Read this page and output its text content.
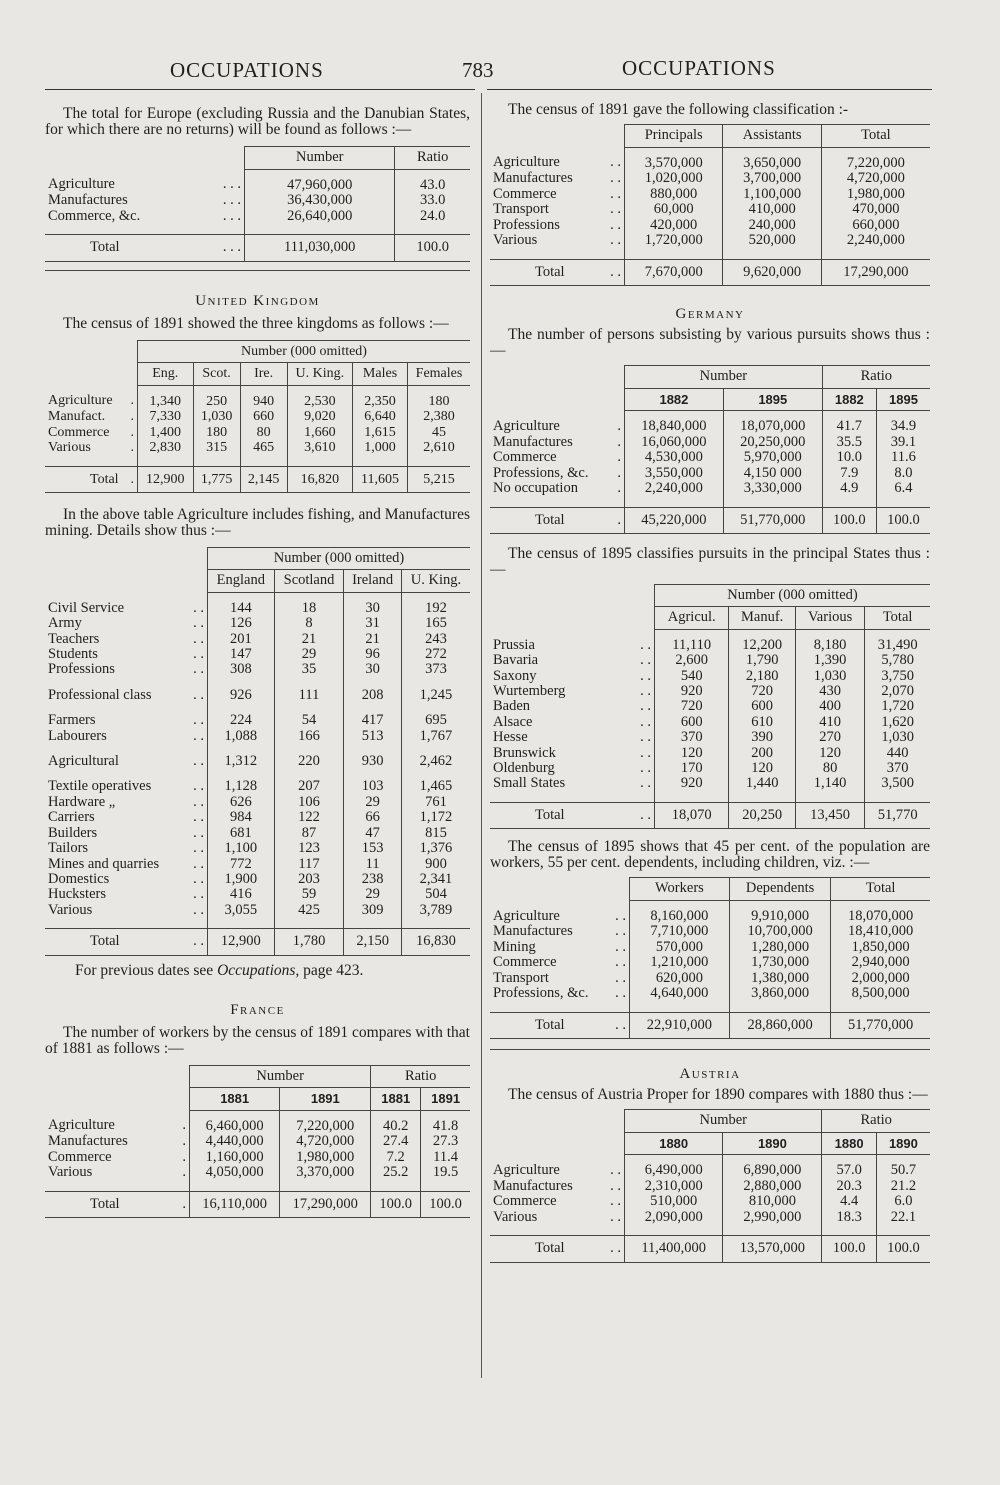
OCCUPATIONS	783	OCCUPATIONS

The total for Europe (excluding Russia and the Danubian States, for which there are no returns) will be found as follows :—

	Number	Ratio
Agriculture . . .	47,960,000	43.0
Manufactures . . .	36,430,000	33.0
Commerce, &c. . . .	26,640,000	24.0

Total . . .	111,030,000	100.0
United Kingdom

The census of 1891 showed the three kingdoms as follows :—

	Number (000 omitted)					
	Eng.	Scot.	Ire.	U. King.	Males	Females
Agriculture .	1,340	250	940	2,530	2,350	180
Manufact. .	7,330	1,030	660	9,020	6,640	2,380
Commerce .	1,400	180	80	1,660	1,615	45
Various .	2,830	315	465	3,610	1,000	2,610

Total .	12,900	1,775	2,145	16,820	11,605	5,215

In the above table Agriculture includes fishing, and Manufactures mining. Details show thus :—

	Number (000 omitted)			
	England	Scotland	Ireland	U. King.
Civil Service . .	144	18	30	192
Army . .	126	8	31	165
Teachers . .	201	21	21	243
Students . .	147	29	96	272
Professions . .	308	35	30	373

Professional class . .	926	111	208	1,245

Farmers . .	224	54	417	695
Labourers . .	1,088	166	513	1,767

Agricultural . .	1,312	220	930	2,462

Textile operatives . .	1,128	207	103	1,465
Hardware „ . .	626	106	29	761
Carriers . .	984	122	66	1,172
Builders . .	681	87	47	815
Tailors . .	1,100	123	153	1,376
Mines and quarries . .	772	117	11	900
Domestics . .	1,900	203	238	2,341
Hucksters . .	416	59	29	504
Various . .	3,055	425	309	3,789

Total . .	12,900	1,780	2,150	16,830
For previous dates see Occupations, page 423.
France

The number of workers by the census of 1891 compares with that of 1881 as follows :—

	Number		Ratio	
	1881	1891	1881	1891
Agriculture .	6,460,000	7,220,000	40.2	41.8
Manufactures .	4,440,000	4,720,000	27.4	27.3
Commerce .	1,160,000	1,980,000	7.2	11.4
Various .	4,050,000	3,370,000	25.2	19.5

Total .	16,110,000	17,290,000	100.0	100.0

The census of 1891 gave the following classification :-

	Principals	Assistants	Total
Agriculture . .	3,570,000	3,650,000	7,220,000
Manufactures . .	1,020,000	3,700,000	4,720,000
Commerce . .	880,000	1,100,000	1,980,000
Transport . .	60,000	410,000	470,000
Professions . .	420,000	240,000	660,000
Various . .	1,720,000	520,000	2,240,000

Total . .	7,670,000	9,620,000	17,290,000
Germany

The number of persons subsisting by various pursuits shows thus :—

	Number		Ratio	
	1882	1895	1882	1895
Agriculture .	18,840,000	18,070,000	41.7	34.9
Manufactures .	16,060,000	20,250,000	35.5	39.1
Commerce .	4,530,000	5,970,000	10.0	11.6
Professions, &c. .	3,550,000	4,150 000	7.9	8.0
No occupation .	2,240,000	3,330,000	4.9	6.4

Total .	45,220,000	51,770,000	100.0	100.0

The census of 1895 classifies pursuits in the principal States thus :—

	Number (000 omitted)			
	Agricul.	Manuf.	Various	Total
Prussia . .	11,110	12,200	8,180	31,490
Bavaria . .	2,600	1,790	1,390	5,780
Saxony . .	540	2,180	1,030	3,750
Wurtemberg . .	920	720	430	2,070
Baden . .	720	600	400	1,720
Alsace . .	600	610	410	1,620
Hesse . .	370	390	270	1,030
Brunswick . .	120	200	120	440
Oldenburg . .	170	120	80	370
Small States . .	920	1,440	1,140	3,500

Total . .	18,070	20,250	13,450	51,770

The census of 1895 shows that 45 per cent. of the population are workers, 55 per cent. dependents, including children, viz. :—

	Workers	Dependents	Total
Agriculture . .	8,160,000	9,910,000	18,070,000
Manufactures . .	7,710,000	10,700,000	18,410,000
Mining . .	570,000	1,280,000	1,850,000
Commerce . .	1,210,000	1,730,000	2,940,000
Transport . .	620,000	1,380,000	2,000,000
Professions, &c. . .	4,640,000	3,860,000	8,500,000

Total . .	22,910,000	28,860,000	51,770,000
Austria

The census of Austria Proper for 1890 compares with 1880 thus :—

	Number		Ratio	
	1880	1890	1880	1890
Agriculture . .	6,490,000	6,890,000	57.0	50.7
Manufactures . .	2,310,000	2,880,000	20.3	21.2
Commerce . .	510,000	810,000	4.4	6.0
Various . .	2,090,000	2,990,000	18.3	22.1

Total . .	11,400,000	13,570,000	100.0	100.0
